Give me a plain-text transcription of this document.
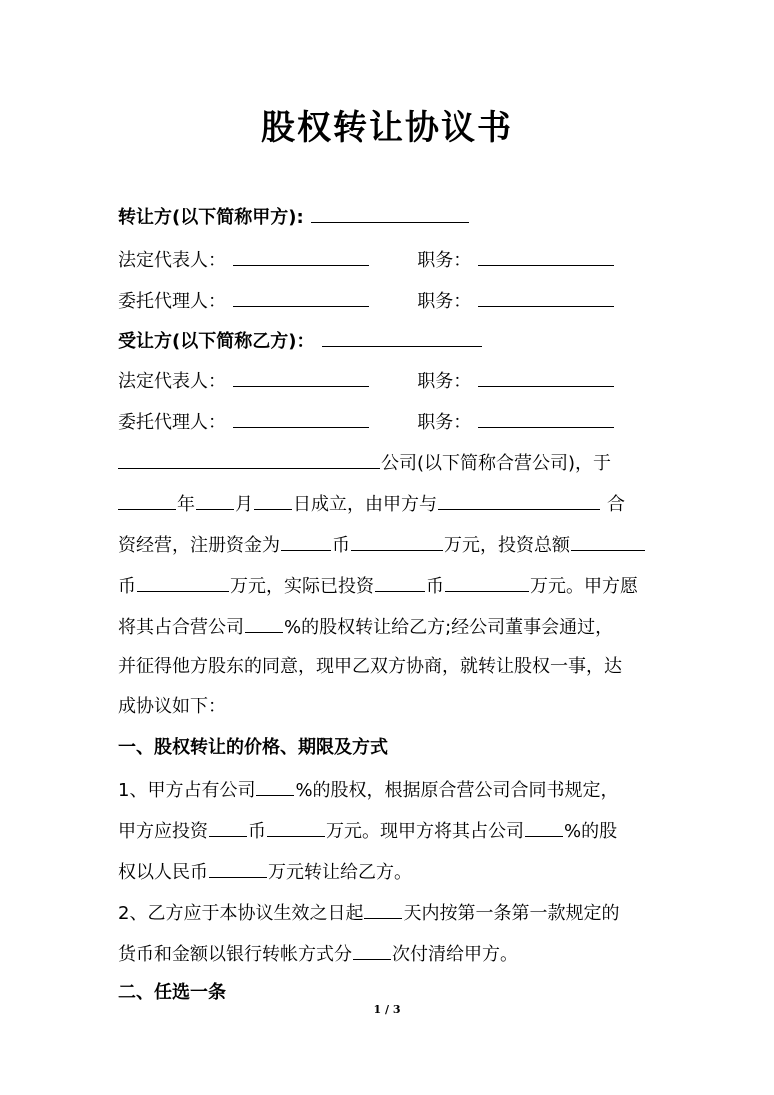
股权转让协议书
转让方(以下简称甲方):
法定代表人：	职务：
委托代理人：	职务：
受让方(以下简称乙方)：
法定代表人：	职务：
委托代理人：	职务：
公司(以下简称合营公司)，于
年 月 日成立，由甲方与	合
资经营，注册资金为	币	万元，投资总额
币	万元，实际已投资	币	万元。甲方愿
将其占合营公司 %的股权转让给乙方;经公司董事会通过，
并征得他方股东的同意，现甲乙双方协商，就转让股权一事，达
成协议如下：
一、股权转让的价格、期限及方式
1、甲方占有公司 %的股权，根据原合营公司合同书规定，
甲方应投资 币	万元。现甲方将其占公司 %的股
权以人民币	万元转让给乙方。
2、乙方应于本协议生效之日起 天内按第一条第一款规定的
货币和金额以银行转帐方式分 次付清给甲方。
二、任选一条
1 / 3
